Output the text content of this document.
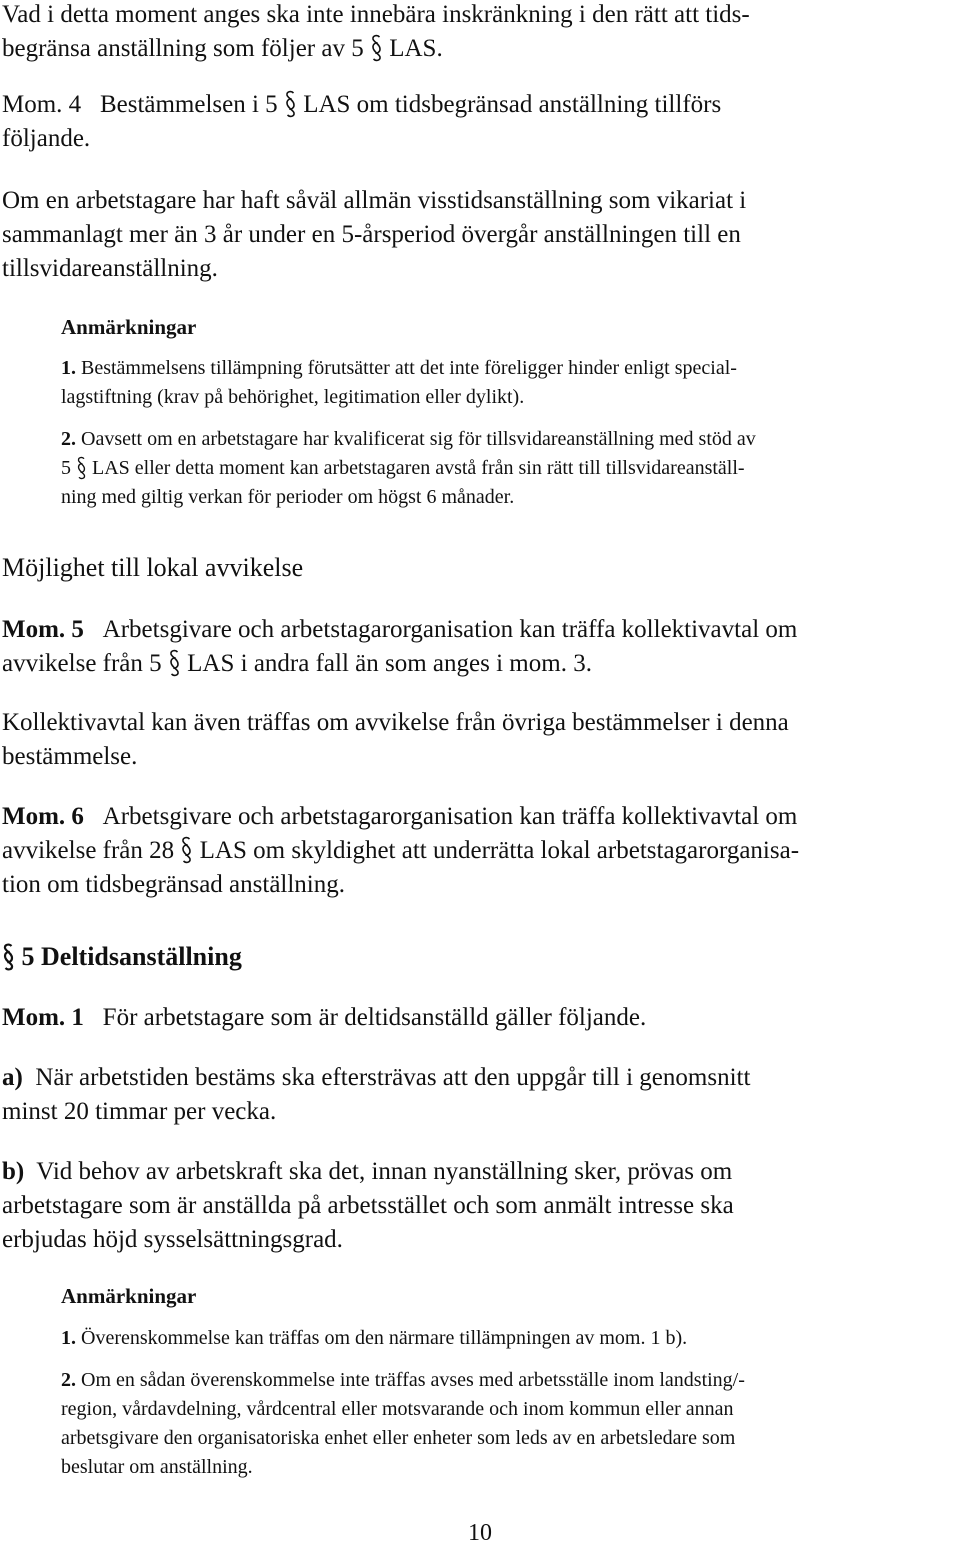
Vad i detta moment anges ska inte innebära inskränkning i den rätt att tids-
begränsa anställning som följer av 5 LAS.
Mom. 4 Bestämmelsen i 5 LAS om tidsbegränsad anställning tillförs
följande.
Om en arbetstagare har haft såväl allmän visstidsanställning som vikariat i
sammanlagt mer än 3 år under en 5-årsperiod övergår anställningen till en
tillsvidareanställning.
Anmärkningar
1. Bestämmelsens tillämpning förutsätter att det inte föreligger hinder enligt special-
lagstiftning (krav på behörighet, legitimation eller dylikt).
2. Oavsett om en arbetstagare har kvalificerat sig för tillsvidareanställning med stöd av
5 LAS eller detta moment kan arbetstagaren avstå från sin rätt till tillsvidareanställ-
ning med giltig verkan för perioder om högst 6 månader.
Möjlighet till lokal avvikelse
Mom. 5 Arbetsgivare och arbetstagarorganisation kan träffa kollektivavtal om
avvikelse från 5 LAS i andra fall än som anges i mom. 3.
Kollektivavtal kan även träffas om avvikelse från övriga bestämmelser i denna
bestämmelse.
Mom. 6 Arbetsgivare och arbetstagarorganisation kan träffa kollektivavtal om
avvikelse från 28 LAS om skyldighet att underrätta lokal arbetstagarorganisa-
tion om tidsbegränsad anställning.
5 Deltidsanställning
Mom. 1 För arbetstagare som är deltidsanställd gäller följande.
a) När arbetstiden bestäms ska eftersträvas att den uppgår till i genomsnitt
minst 20 timmar per vecka.
b) Vid behov av arbetskraft ska det, innan nyanställning sker, prövas om
arbetstagare som är anställda på arbetsstället och som anmält intresse ska
erbjudas höjd sysselsättningsgrad.
Anmärkningar
1. Överenskommelse kan träffas om den närmare tillämpningen av mom. 1 b).
2. Om en sådan överenskommelse inte träffas avses med arbetsställe inom landsting/-
region, vårdavdelning, vårdcentral eller motsvarande och inom kommun eller annan
arbetsgivare den organisatoriska enhet eller enheter som leds av en arbetsledare som
beslutar om anställning.
10
